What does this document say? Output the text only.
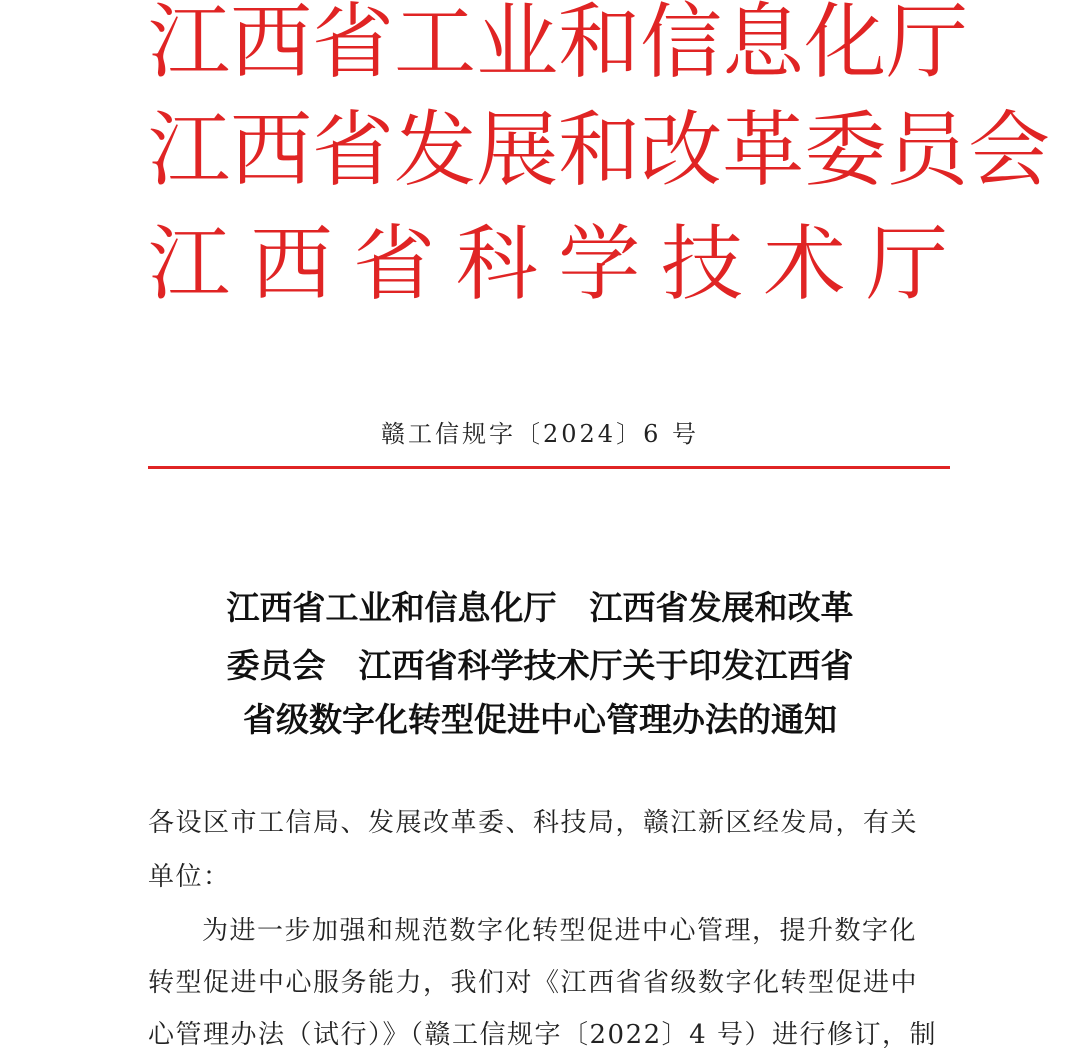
江 西 省 工 业 和 信 息 化 厅
江 西 省 发 展 和 改 革 委 员 会
江 西 省 科 学 技 术 厅
赣工信规字〔2024〕6 号
江西省工业和信息化厅　江西省发展和改革
委员会　江西省科学技术厅关于印发江西省
省级数字化转型促进中心管理办法的通知
各设区市工信局、发展改革委、科技局，赣江新区经发局，有关
单位：
为进一步加强和规范数字化转型促进中心管理，提升数字化
转型促进中心服务能力，我们对《江西省省级数字化转型促进中
心管理办法（试行）》（赣工信规字〔2022〕4 号）进行修订，制
